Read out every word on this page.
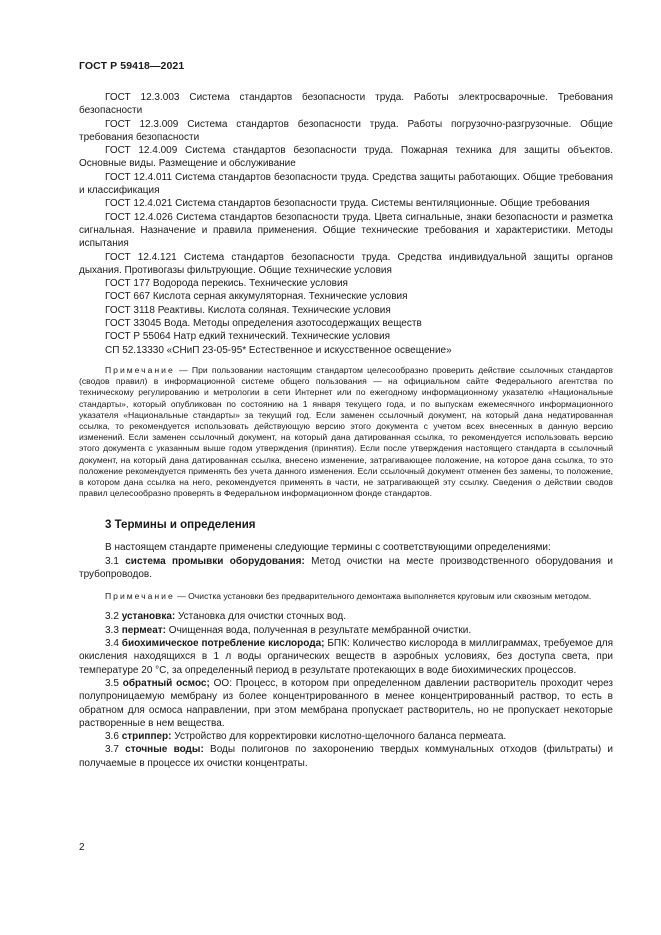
ГОСТ Р 59418—2021

ГОСТ 12.3.003 Система стандартов безопасности труда. Работы электросварочные. Требования безопасности

ГОСТ 12.3.009 Система стандартов безопасности труда. Работы погрузочно-разгрузочные. Общие требования безопасности

ГОСТ 12.4.009 Система стандартов безопасности труда. Пожарная техника для защиты объектов. Основные виды. Размещение и обслуживание

ГОСТ 12.4.011 Система стандартов безопасности труда. Средства защиты работающих. Общие требования и классификация

ГОСТ 12.4.021 Система стандартов безопасности труда. Системы вентиляционные. Общие требования

ГОСТ 12.4.026 Система стандартов безопасности труда. Цвета сигнальные, знаки безопасности и разметка сигнальная. Назначение и правила применения. Общие технические требования и характеристики. Методы испытания

ГОСТ 12.4.121 Система стандартов безопасности труда. Средства индивидуальной защиты органов дыхания. Противогазы фильтрующие. Общие технические условия

ГОСТ 177 Водорода перекись. Технические условия

ГОСТ 667 Кислота серная аккумуляторная. Технические условия

ГОСТ 3118 Реактивы. Кислота соляная. Технические условия

ГОСТ 33045 Вода. Методы определения азотосодержащих веществ

ГОСТ Р 55064 Натр едкий технический. Технические условия

СП 52.13330 «СНиП 23-05-95* Естественное и искусственное освещение»

Примечание — При пользовании настоящим стандартом целесообразно проверить действие ссылочных стандартов (сводов правил) в информационной системе общего пользования — на официальном сайте Федерального агентства по техническому регулированию и метрологии в сети Интернет или по ежегодному информационному указателю «Национальные стандарты», который опубликован по состоянию на 1 января текущего года, и по выпускам ежемесячного информационного указателя «Национальные стандарты» за текущий год. Если заменен ссылочный документ, на который дана недатированная ссылка, то рекомендуется использовать действующую версию этого документа с учетом всех внесенных в данную версию изменений. Если заменен ссылочный документ, на который дана датированная ссылка, то рекомендуется использовать версию этого документа с указанным выше годом утверждения (принятия). Если после утверждения настоящего стандарта в ссылочный документ, на который дана датированная ссылка, внесено изменение, затрагивающее положение, на которое дана ссылка, то это положение рекомендуется применять без учета данного изменения. Если ссылочный документ отменен без замены, то положение, в котором дана ссылка на него, рекомендуется применять в части, не затрагивающей эту ссылку. Сведения о действии сводов правил целесообразно проверять в Федеральном информационном фонде стандартов.

3 Термины и определения

В настоящем стандарте применены следующие термины с соответствующими определениями:

3.1 система промывки оборудования: Метод очистки на месте производственного оборудования и трубопроводов.

Примечание — Очистка установки без предварительного демонтажа выполняется круговым или сквозным методом.

3.2 установка: Установка для очистки сточных вод.

3.3 пермеат: Очищенная вода, полученная в результате мембранной очистки.

3.4 биохимическое потребление кислорода; БПК: Количество кислорода в миллиграммах, требуемое для окисления находящихся в 1 л воды органических веществ в аэробных условиях, без доступа света, при температуре 20 °С, за определенный период в результате протекающих в воде биохимических процессов.

3.5 обратный осмос; ОО: Процесс, в котором при определенном давлении растворитель проходит через полупроницаемую мембрану из более концентрированного в менее концентрированный раствор, то есть в обратном для осмоса направлении, при этом мембрана пропускает растворитель, но не пропускает некоторые растворенные в нем вещества.

3.6 стриппер: Устройство для корректировки кислотно-щелочного баланса пермеата.

3.7 сточные воды: Воды полигонов по захоронению твердых коммунальных отходов (фильтраты) и получаемые в процессе их очистки концентраты.

2
